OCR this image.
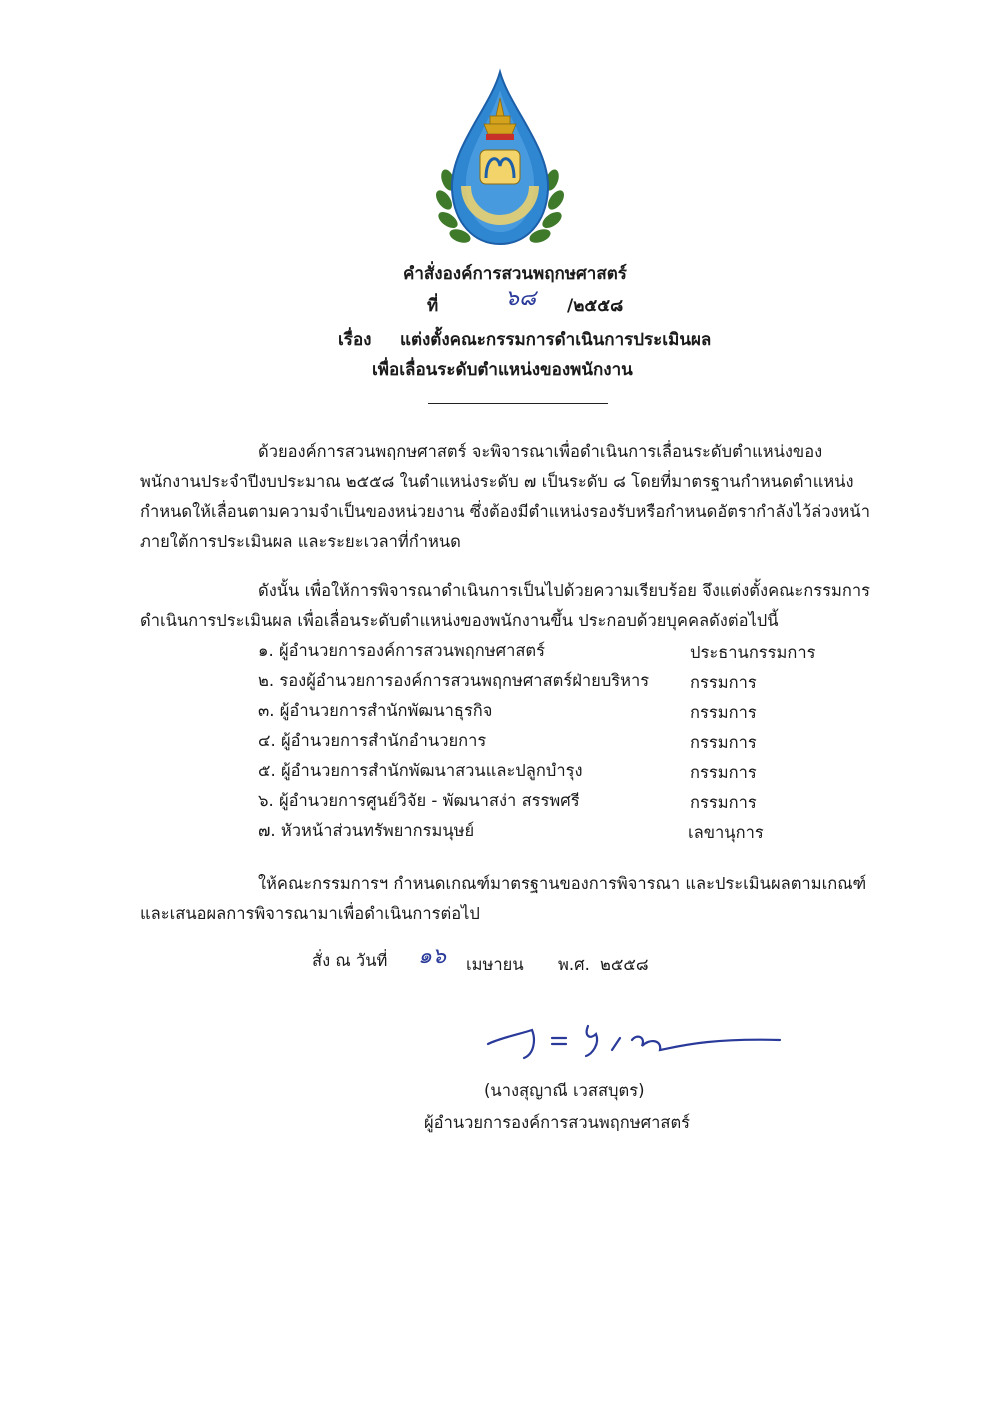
คำสั่งองค์การสวนพฤกษศาสตร์
ที่	๖๘ /๒๕๕๘
เรื่อง แต่งตั้งคณะกรรมการดำเนินการประเมินผล
เพื่อเลื่อนระดับตำแหน่งของพนักงาน

ด้วยองค์การสวนพฤกษศาสตร์ จะพิจารณาเพื่อดำเนินการเลื่อนระดับตำแหน่งของ

พนักงานประจำปีงบประมาณ ๒๕๕๘ ในตำแหน่งระดับ ๗ เป็นระดับ ๘ โดยที่มาตรฐานกำหนดตำแหน่ง

กำหนดให้เลื่อนตามความจำเป็นของหน่วยงาน ซึ่งต้องมีตำแหน่งรองรับหรือกำหนดอัตรากำลังไว้ล่วงหน้า

ภายใต้การประเมินผล และระยะเวลาที่กำหนด

ดังนั้น เพื่อให้การพิจารณาดำเนินการเป็นไปด้วยความเรียบร้อย จึงแต่งตั้งคณะกรรมการ

ดำเนินการประเมินผล เพื่อเลื่อนระดับตำแหน่งของพนักงานขึ้น ประกอบด้วยบุคคลดังต่อไปนี้

๑. ผู้อำนวยการองค์การสวนพฤกษศาสตร์	ประธานกรรมการ
๒. รองผู้อำนวยการองค์การสวนพฤกษศาสตร์ฝ่ายบริหาร กรรมการ
๓. ผู้อำนวยการสำนักพัฒนาธุรกิจ	กรรมการ
๔. ผู้อำนวยการสำนักอำนวยการ	กรรมการ
๕. ผู้อำนวยการสำนักพัฒนาสวนและปลูกบำรุง	กรรมการ
๖. ผู้อำนวยการศูนย์วิจัย - พัฒนาสง่า สรรพศรี	กรรมการ
๗. หัวหน้าส่วนทรัพยากรมนุษย์	เลขานุการ

ให้คณะกรรมการฯ กำหนดเกณฑ์มาตรฐานของการพิจารณา และประเมินผลตามเกณฑ์

และเสนอผลการพิจารณามาเพื่อดำเนินการต่อไป

สั่ง ณ วันที่ ๑๖ เมษายน พ.ศ. ๒๕๕๘
(นางสุญาณี เวสสบุตร)
ผู้อำนวยการองค์การสวนพฤกษศาสตร์
